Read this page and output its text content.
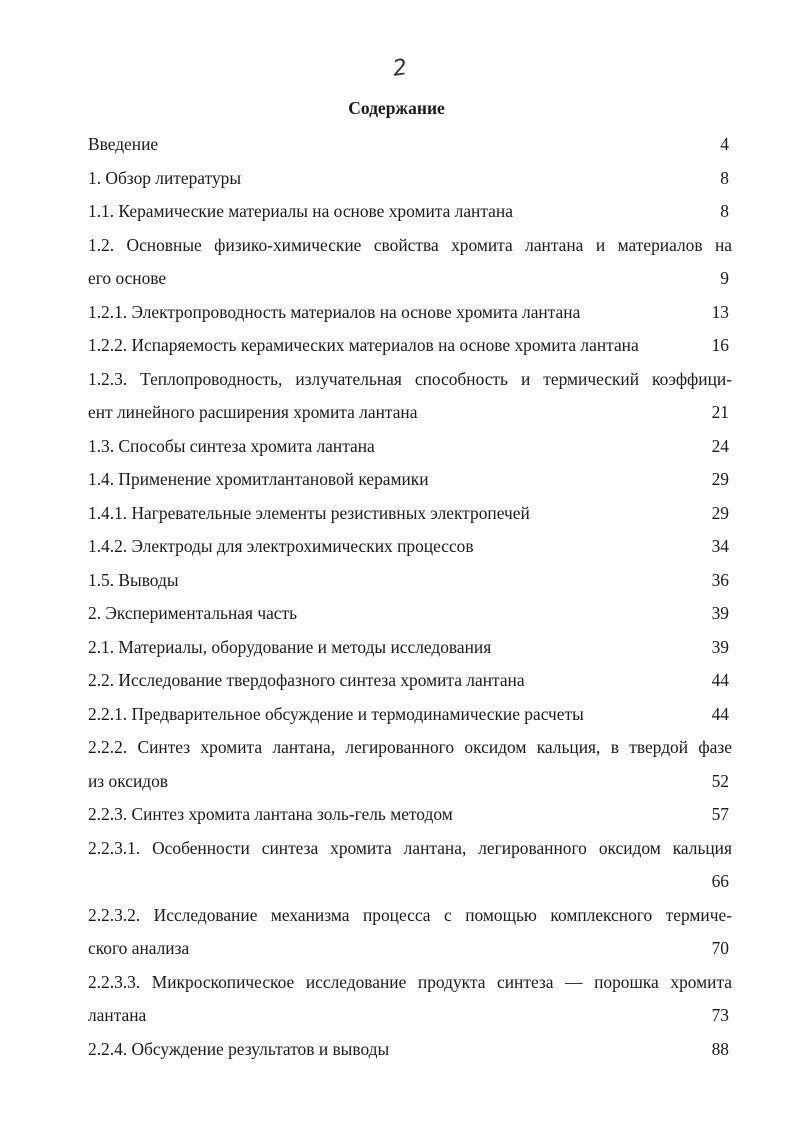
2
Содержание
Введение	4
1. Обзор литературы	8
1.1. Керамические материалы на основе хромита лантана	8
1.2. Основные физико-химические свойства хромита лантана и материалов на
его основе	9
1.2.1. Электропроводность материалов на основе хромита лантана	13
1.2.2. Испаряемость керамических материалов на основе хромита лантана	16
1.2.3. Теплопроводность, излучательная способность и термический коэффици-
ент линейного расширения хромита лантана	21
1.3. Способы синтеза хромита лантана	24
1.4. Применение хромитлантановой керамики	29
1.4.1. Нагревательные элементы резистивных электропечей	29
1.4.2. Электроды для электрохимических процессов	34
1.5. Выводы	36
2. Экспериментальная часть	39
2.1. Материалы, оборудование и методы исследования	39
2.2. Исследование твердофазного синтеза хромита лантана	44
2.2.1. Предварительное обсуждение и термодинамические расчеты	44
2.2.2. Синтез хромита лантана, легированного оксидом кальция, в твердой фазе
из оксидов	52
2.2.3. Синтез хромита лантана золь-гель методом	57
2.2.3.1. Особенности синтеза хромита лантана, легированного оксидом кальция
66
2.2.3.2. Исследование механизма процесса с помощью комплексного термиче-
ского анализа	70
2.2.3.3. Микроскопическое исследование продукта синтеза — порошка хромита
лантана	73
2.2.4. Обсуждение результатов и выводы	88
